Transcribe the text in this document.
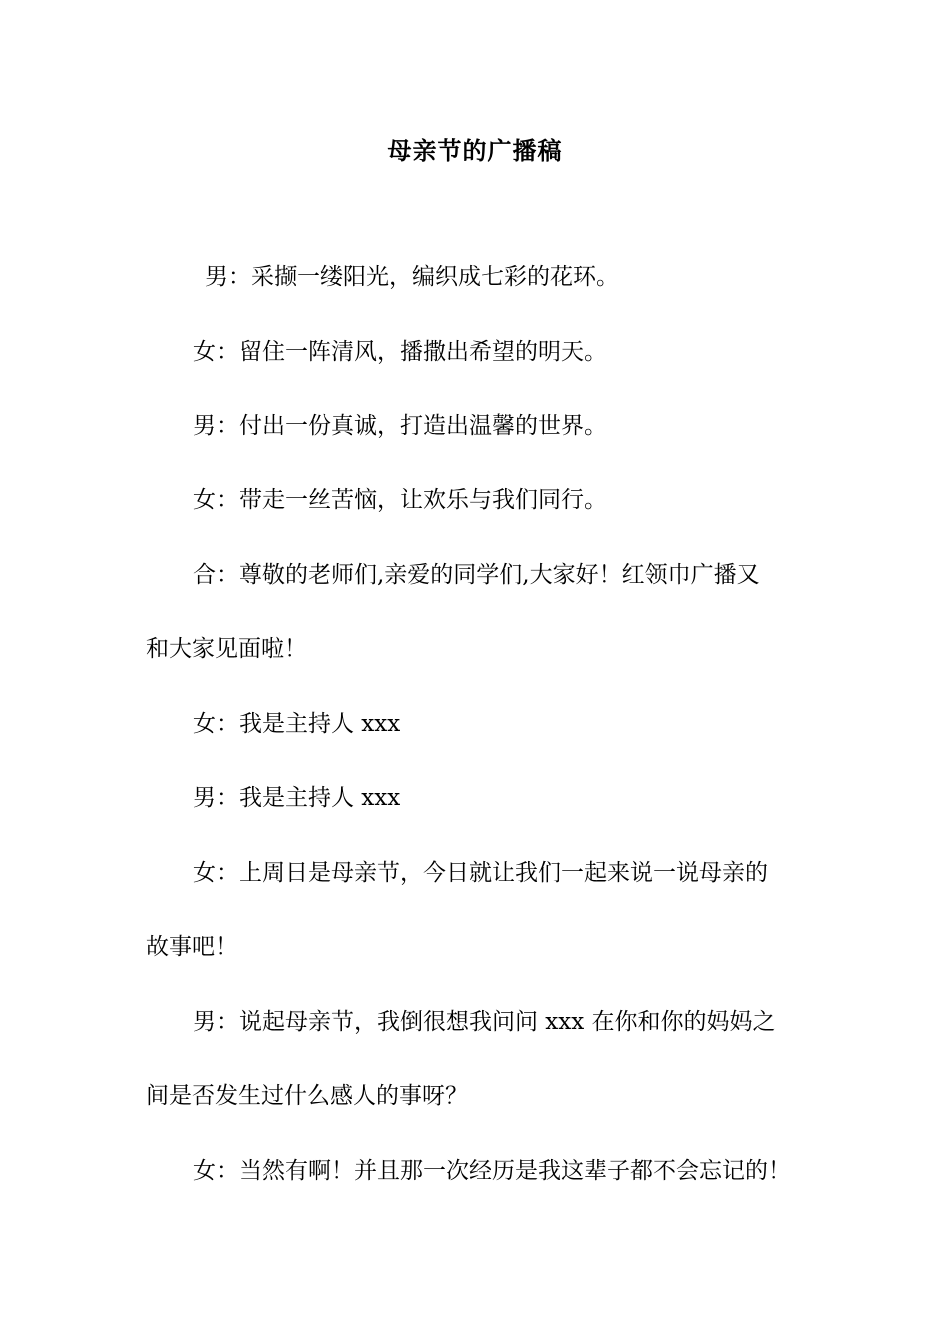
母亲节的广播稿
男：采撷一缕阳光，编织成七彩的花环。
女：留住一阵清风，播撒出希望的明天。
男：付出一份真诚，打造出温馨的世界。
女：带走一丝苦恼，让欢乐与我们同行。
合：尊敬的老师们,亲爱的同学们,大家好！红领巾广播又
和大家见面啦！
女：我是主持人 xxx
男：我是主持人 xxx
女：上周日是母亲节，今日就让我们一起来说一说母亲的
故事吧！
男：说起母亲节，我倒很想我问问 xxx 在你和你的妈妈之
间是否发生过什么感人的事呀？
女：当然有啊！并且那一次经历是我这辈子都不会忘记的！
